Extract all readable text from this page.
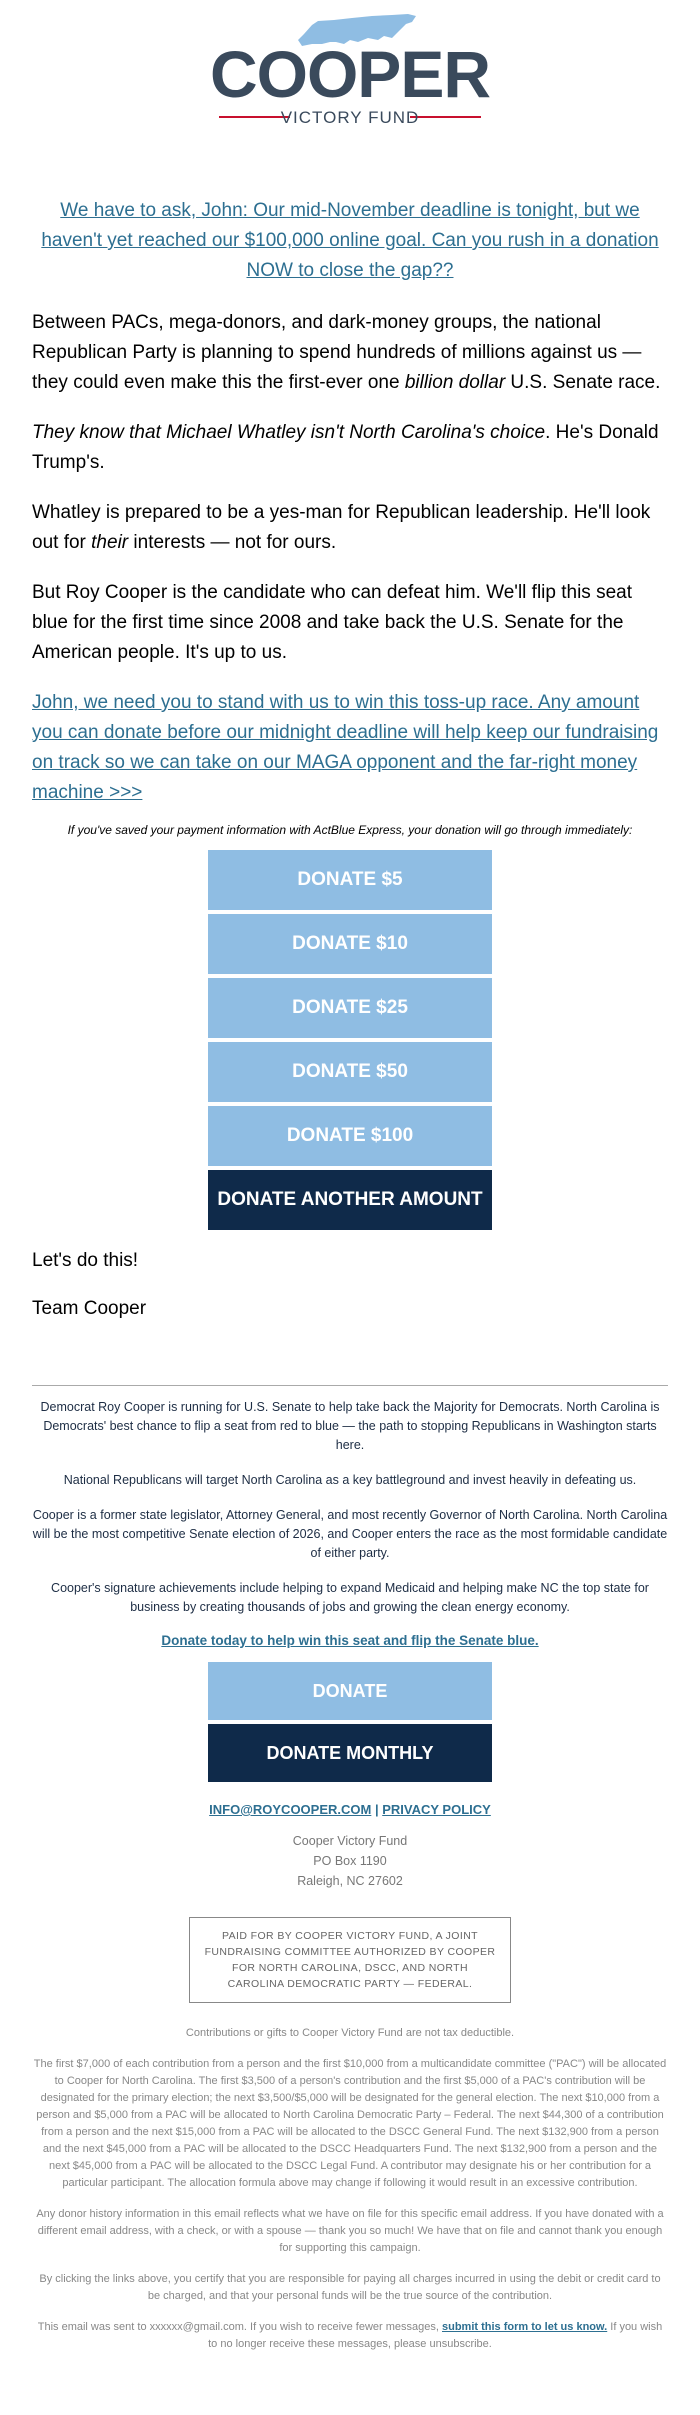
COOPER
VICTORY FUND
We have to ask, John: Our mid-November deadline is tonight, but we haven't yet reached our $100,000 online goal. Can you rush in a donation NOW to close the gap??

Between PACs, mega-donors, and dark-money groups, the national Republican Party is planning to spend hundreds of millions against us — they could even make this the first-ever one billion dollar U.S. Senate race.

They know that Michael Whatley isn't North Carolina's choice. He's Donald Trump's.

Whatley is prepared to be a yes-man for Republican leadership. He'll look out for their interests — not for ours.

But Roy Cooper is the candidate who can defeat him. We'll flip this seat blue for the first time since 2008 and take back the U.S. Senate for the American people. It's up to us.

John, we need you to stand with us to win this toss-up race. Any amount you can donate before our midnight deadline will help keep our fundraising on track so we can take on our MAGA opponent and the far-right money machine >>>

If you've saved your payment information with ActBlue Express, your donation will go through immediately:

DONATE $5
DONATE $10
DONATE $25
DONATE $50
DONATE $100
DONATE ANOTHER AMOUNT

Let's do this!

Team Cooper

Democrat Roy Cooper is running for U.S. Senate to help take back the Majority for Democrats. North Carolina is Democrats' best chance to flip a seat from red to blue — the path to stopping Republicans in Washington starts here.

National Republicans will target North Carolina as a key battleground and invest heavily in defeating us.

Cooper is a former state legislator, Attorney General, and most recently Governor of North Carolina. North Carolina will be the most competitive Senate election of 2026, and Cooper enters the race as the most formidable candidate of either party.

Cooper's signature achievements include helping to expand Medicaid and helping make NC the top state for business by creating thousands of jobs and growing the clean energy economy.

Donate today to help win this seat and flip the Senate blue.
DONATE
DONATE MONTHLY
INFO@ROYCOOPER.COM | PRIVACY POLICY
Cooper Victory Fund
PO Box 1190
Raleigh, NC 27602
PAID FOR BY COOPER VICTORY FUND, A JOINT FUNDRAISING COMMITTEE AUTHORIZED BY COOPER FOR NORTH CAROLINA, DSCC, AND NORTH CAROLINA DEMOCRATIC PARTY — FEDERAL.

Contributions or gifts to Cooper Victory Fund are not tax deductible.

The first $7,000 of each contribution from a person and the first $10,000 from a multicandidate committee ("PAC") will be allocated to Cooper for North Carolina. The first $3,500 of a person's contribution and the first $5,000 of a PAC's contribution will be designated for the primary election; the next $3,500/$5,000 will be designated for the general election. The next $10,000 from a person and $5,000 from a PAC will be allocated to North Carolina Democratic Party – Federal. The next $44,300 of a contribution from a person and the next $15,000 from a PAC will be allocated to the DSCC General Fund. The next $132,900 from a person and the next $45,000 from a PAC will be allocated to the DSCC Headquarters Fund. The next $132,900 from a person and the next $45,000 from a PAC will be allocated to the DSCC Legal Fund. A contributor may designate his or her contribution for a particular participant. The allocation formula above may change if following it would result in an excessive contribution.

Any donor history information in this email reflects what we have on file for this specific email address. If you have donated with a different email address, with a check, or with a spouse — thank you so much! We have that on file and cannot thank you enough for supporting this campaign.

By clicking the links above, you certify that you are responsible for paying all charges incurred in using the debit or credit card to be charged, and that your personal funds will be the true source of the contribution.

This email was sent to xxxxxx@gmail.com. If you wish to receive fewer messages, submit this form to let us know. If you wish to no longer receive these messages, please unsubscribe.
